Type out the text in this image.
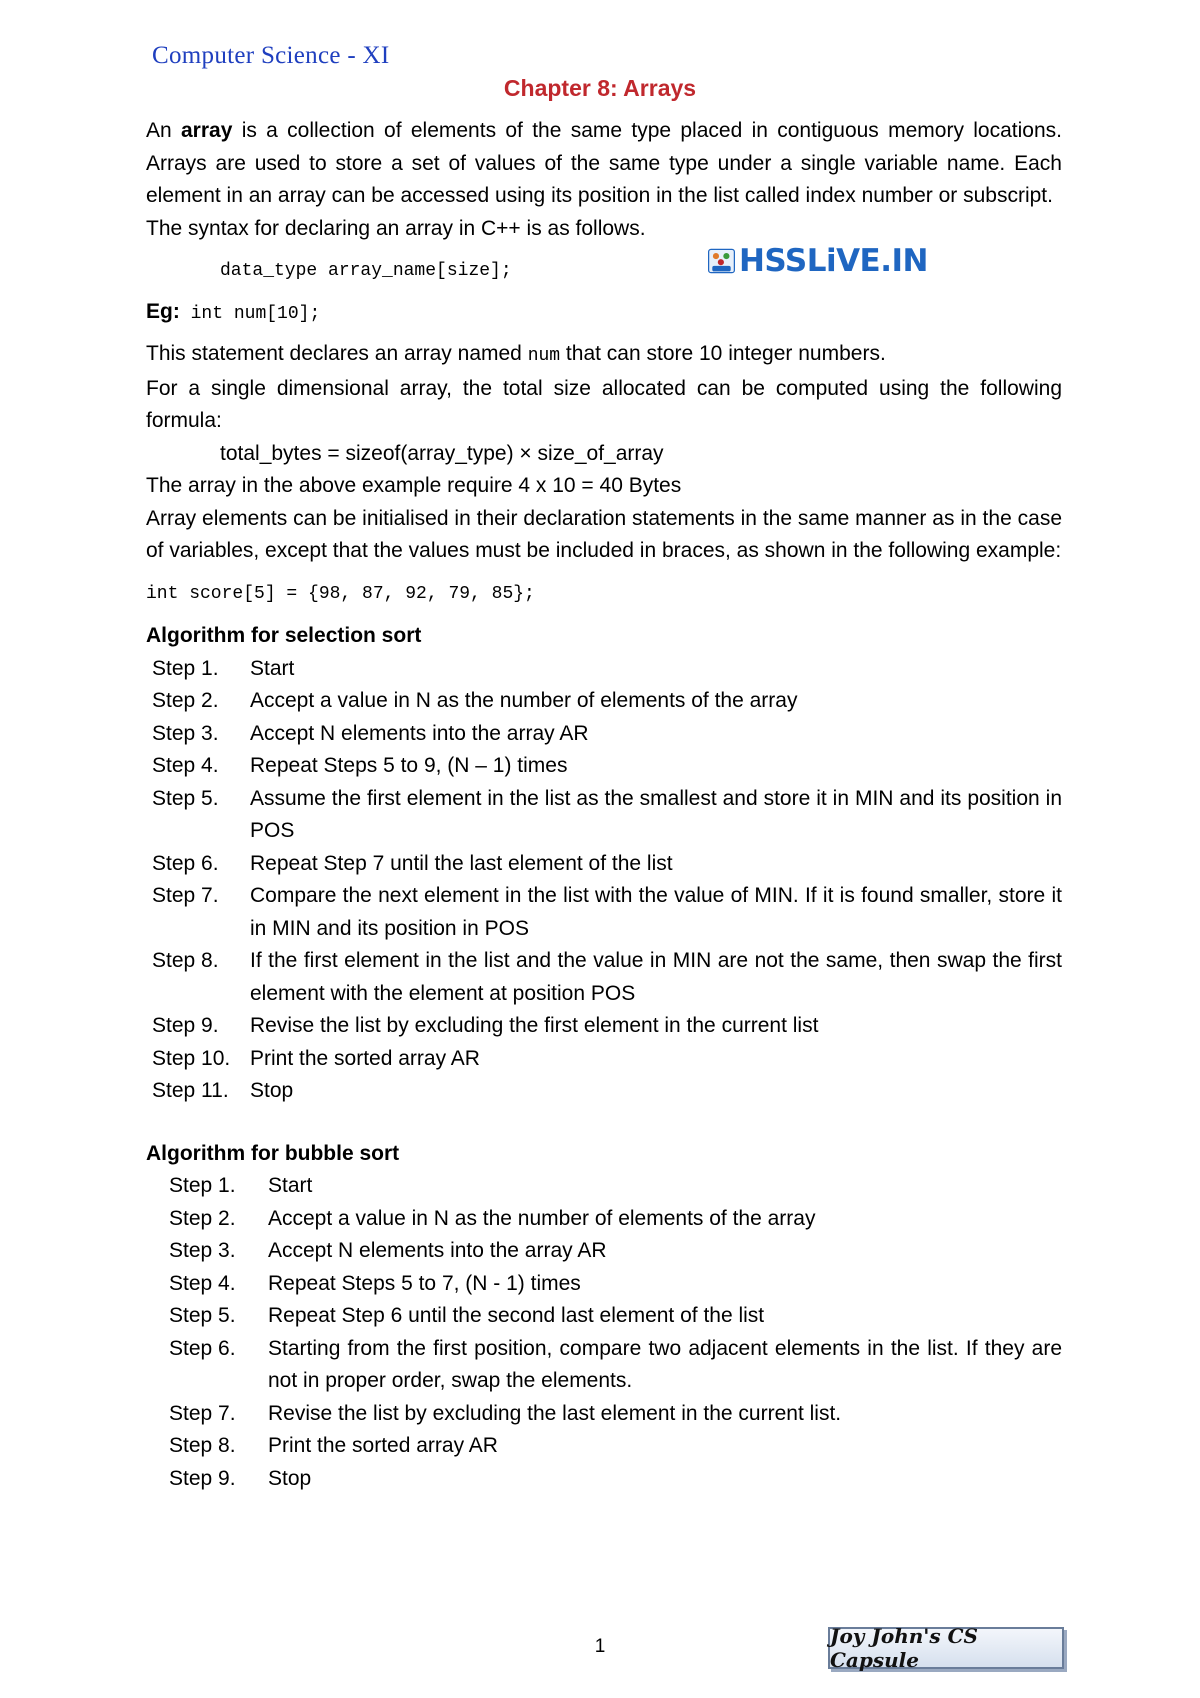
Computer Science - XI
Chapter 8: Arrays
HSSLiVE.IN

An array is a collection of elements of the same type placed in contiguous memory locations. Arrays are used to store a set of values of the same type under a single variable name. Each element in an array can be accessed using its position in the list called index number or subscript.

The syntax for declaring an array in C++ is as follows.

data_type array_name[size];

Eg: int num[10];

This statement declares an array named num that can store 10 integer numbers.

For a single dimensional array, the total size allocated can be computed using the following formula:

total_bytes = sizeof(array_type) × size_of_array

The array in the above example require 4 x 10 = 40 Bytes

Array elements can be initialised in their declaration statements in the same manner as in the case of variables, except that the values must be included in braces, as shown in the following example:

int score[5] = {98, 87, 92, 79, 85};

Algorithm for selection sort

Step 1.	Start
Step 2.	Accept a value in N as the number of elements of the array
Step 3.	Accept N elements into the array AR
Step 4.	Repeat Steps 5 to 9, (N – 1) times
Step 5.	Assume the first element in the list as the smallest and store it in MIN and its position in POS
Step 6.	Repeat Step 7 until the last element of the list
Step 7.	Compare the next element in the list with the value of MIN. If it is found smaller, store it in MIN and its position in POS
Step 8.	If the first element in the list and the value in MIN are not the same, then swap the first element with the element at position POS
Step 9.	Revise the list by excluding the first element in the current list
Step 10. Print the sorted array AR
Step 11.	Stop

Algorithm for bubble sort

Step 1.	Start
Step 2.	Accept a value in N as the number of elements of the array
Step 3.	Accept N elements into the array AR
Step 4.	Repeat Steps 5 to 7, (N - 1) times
Step 5.	Repeat Step 6 until the second last element of the list
Step 6.	Starting from the first position, compare two adjacent elements in the list. If they are not in proper order, swap the elements.
Step 7.	Revise the list by excluding the last element in the current list.
Step 8.	Print the sorted array AR
Step 9.	Stop
1	Joy John's CS Capsule
